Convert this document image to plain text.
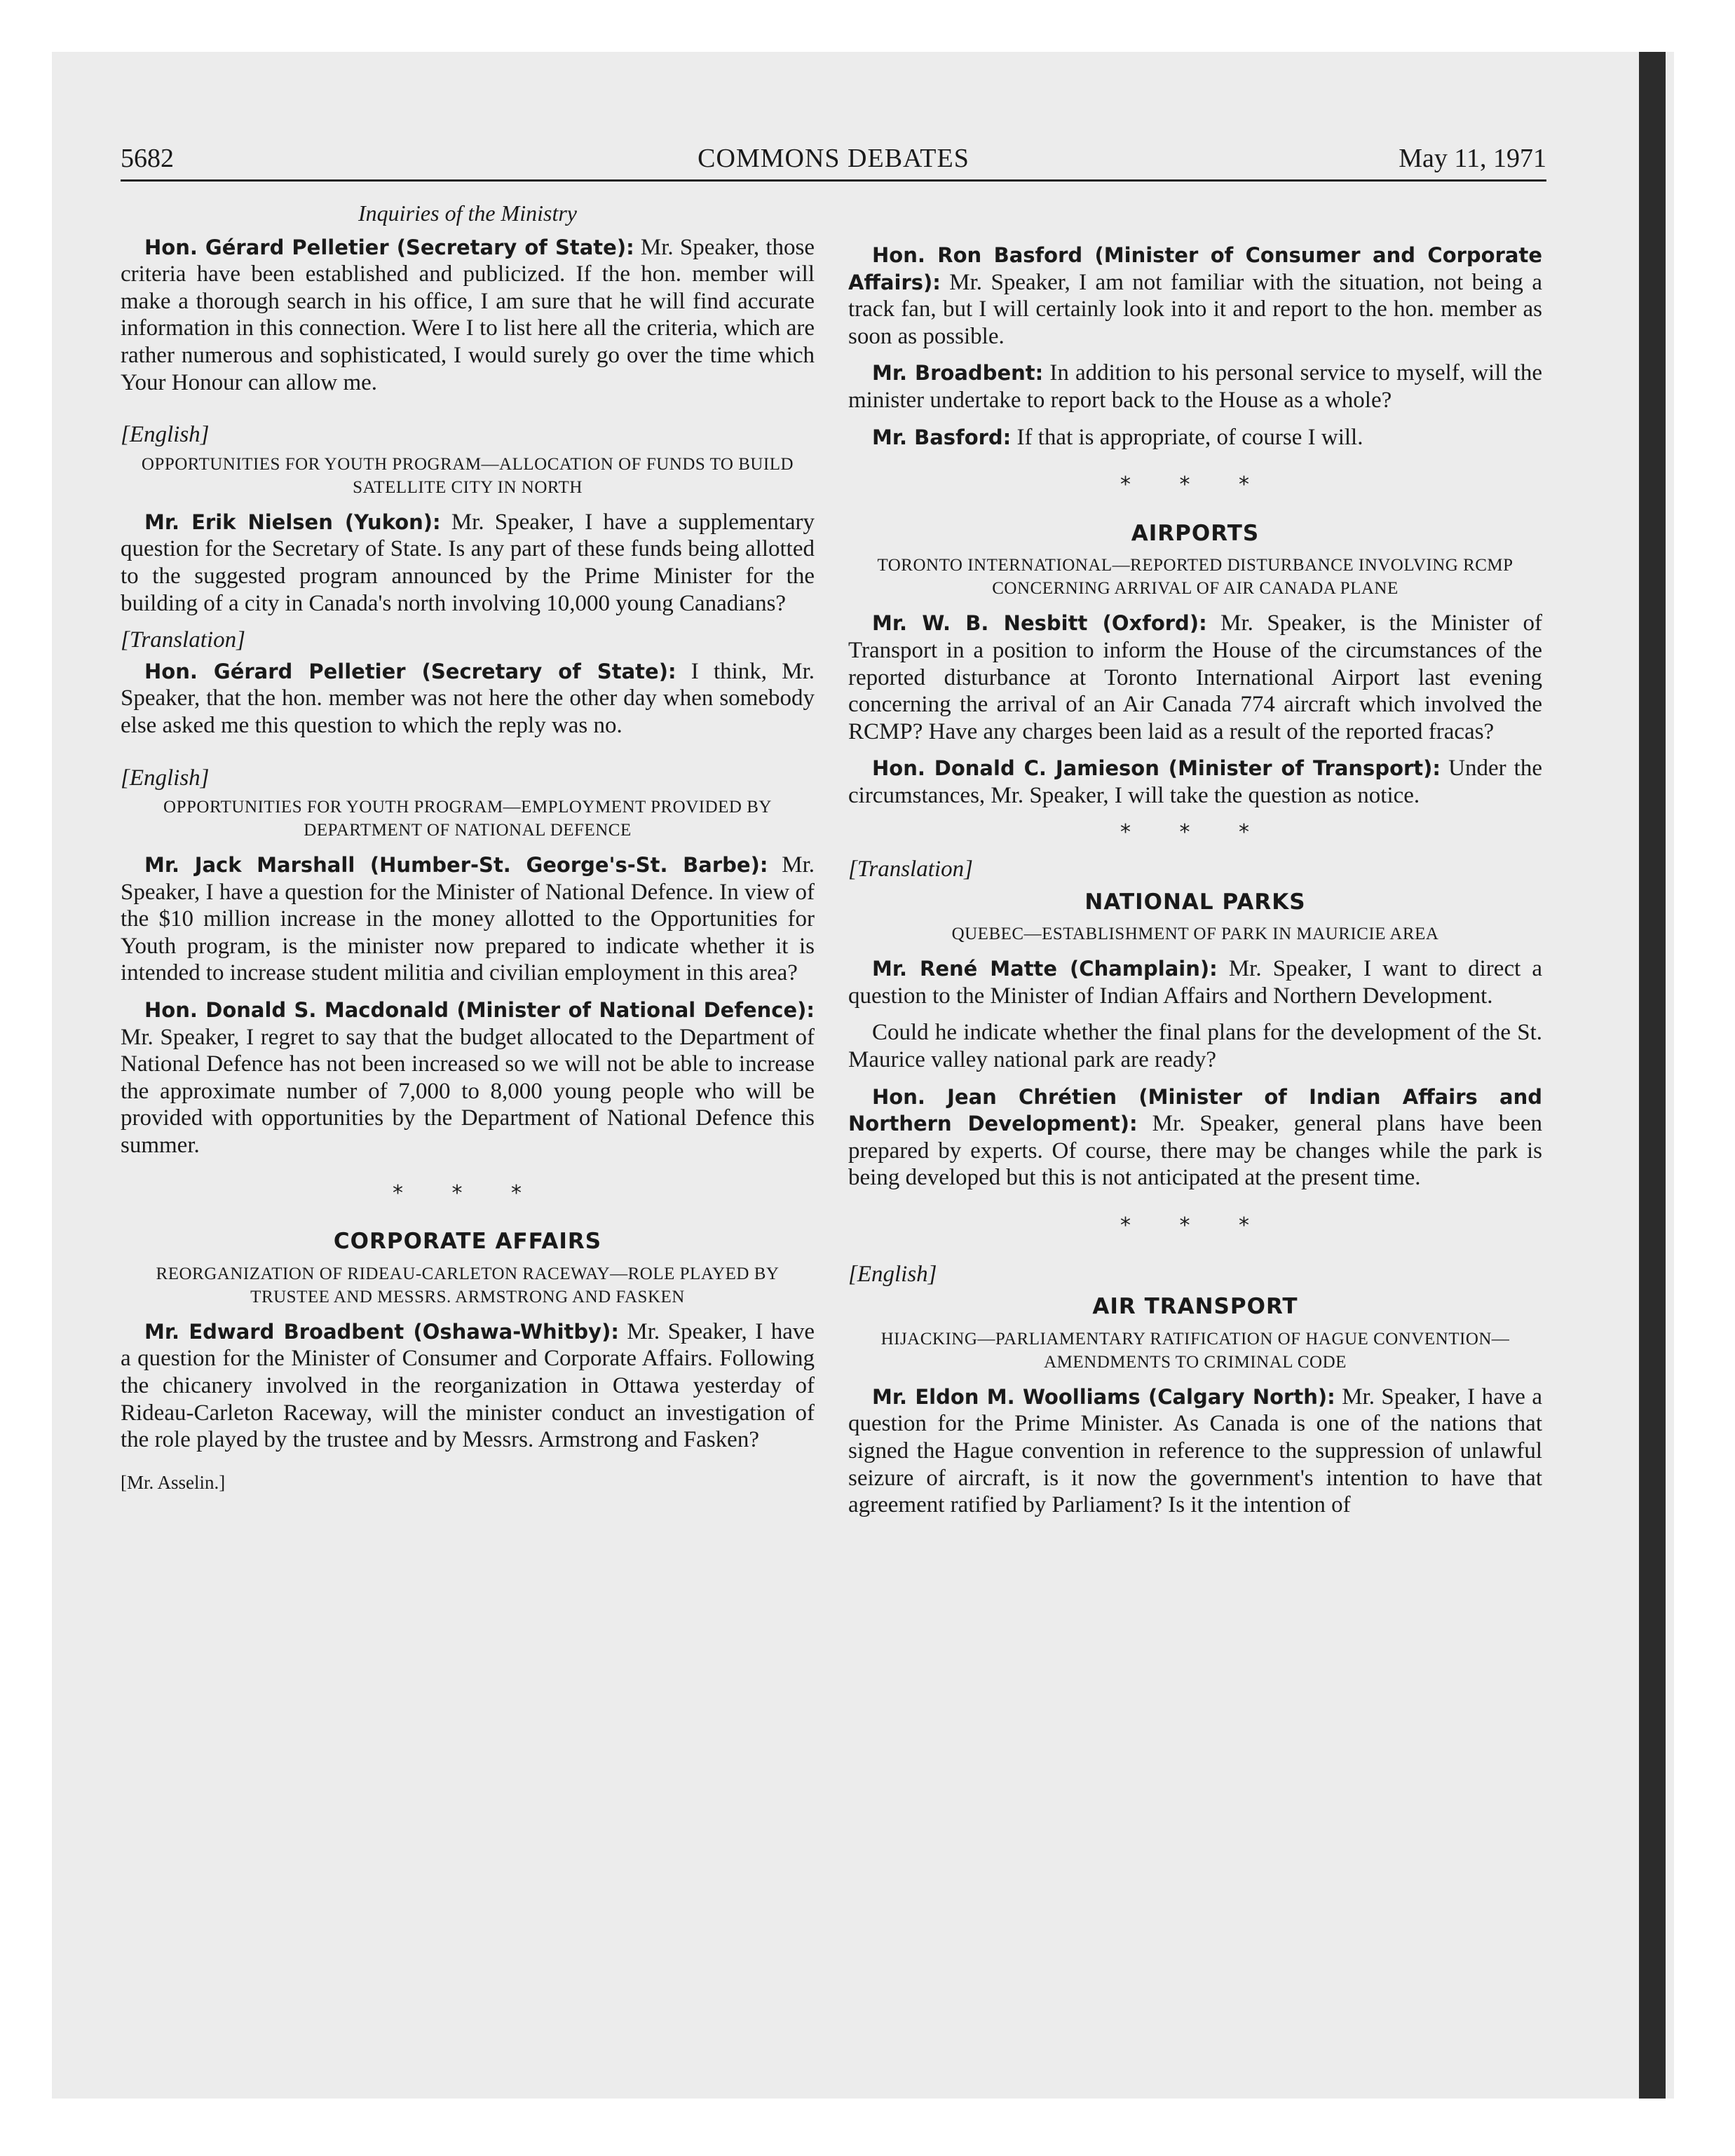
5682	COMMONS DEBATES	May 11, 1971
Inquiries of the Ministry

Hon. Gérard Pelletier (Secretary of State): Mr. Speaker, those criteria have been established and publicized. If the hon. member will make a thorough search in his office, I am sure that he will find accurate information in this connection. Were I to list here all the criteria, which are rather numerous and sophisticated, I would surely go over the time which Your Honour can allow me.

[English]
OPPORTUNITIES FOR YOUTH PROGRAM—ALLOCATION OF FUNDS TO BUILD SATELLITE CITY IN NORTH

Mr. Erik Nielsen (Yukon): Mr. Speaker, I have a supplementary question for the Secretary of State. Is any part of these funds being allotted to the suggested program announced by the Prime Minister for the building of a city in Canada's north involving 10,000 young Canadians?

[Translation]

Hon. Gérard Pelletier (Secretary of State): I think, Mr. Speaker, that the hon. member was not here the other day when somebody else asked me this question to which the reply was no.

[English]
OPPORTUNITIES FOR YOUTH PROGRAM—EMPLOYMENT PROVIDED BY DEPARTMENT OF NATIONAL DEFENCE

Mr. Jack Marshall (Humber-St. George's-St. Barbe): Mr. Speaker, I have a question for the Minister of National Defence. In view of the $10 million increase in the money allotted to the Opportunities for Youth program, is the minister now prepared to indicate whether it is intended to increase student militia and civilian employment in this area?

Hon. Donald S. Macdonald (Minister of National Defence): Mr. Speaker, I regret to say that the budget allocated to the Department of National Defence has not been increased so we will not be able to increase the approximate number of 7,000 to 8,000 young people who will be provided with opportunities by the Department of National Defence this summer.

* * *
CORPORATE AFFAIRS
REORGANIZATION OF RIDEAU-CARLETON RACEWAY—ROLE PLAYED BY TRUSTEE AND MESSRS. ARMSTRONG AND FASKEN

Mr. Edward Broadbent (Oshawa-Whitby): Mr. Speaker, I have a question for the Minister of Consumer and Corporate Affairs. Following the chicanery involved in the reorganization in Ottawa yesterday of Rideau-Carleton Raceway, will the minister conduct an investigation of the role played by the trustee and by Messrs. Armstrong and Fasken?

[Mr. Asselin.]

Hon. Ron Basford (Minister of Consumer and Corporate Affairs): Mr. Speaker, I am not familiar with the situation, not being a track fan, but I will certainly look into it and report to the hon. member as soon as possible.

Mr. Broadbent: In addition to his personal service to myself, will the minister undertake to report back to the House as a whole?

Mr. Basford: If that is appropriate, of course I will.

* * *
AIRPORTS
TORONTO INTERNATIONAL—REPORTED DISTURBANCE INVOLVING RCMP CONCERNING ARRIVAL OF AIR CANADA PLANE

Mr. W. B. Nesbitt (Oxford): Mr. Speaker, is the Minister of Transport in a position to inform the House of the circumstances of the reported disturbance at Toronto International Airport last evening concerning the arrival of an Air Canada 774 aircraft which involved the RCMP? Have any charges been laid as a result of the reported fracas?

Hon. Donald C. Jamieson (Minister of Transport): Under the circumstances, Mr. Speaker, I will take the question as notice.

* * *
[Translation]
NATIONAL PARKS
QUEBEC—ESTABLISHMENT OF PARK IN MAURICIE AREA

Mr. René Matte (Champlain): Mr. Speaker, I want to direct a question to the Minister of Indian Affairs and Northern Development.

Could he indicate whether the final plans for the development of the St. Maurice valley national park are ready?

Hon. Jean Chrétien (Minister of Indian Affairs and Northern Development): Mr. Speaker, general plans have been prepared by experts. Of course, there may be changes while the park is being developed but this is not anticipated at the present time.

* * *
[English]
AIR TRANSPORT
HIJACKING—PARLIAMENTARY RATIFICATION OF HAGUE CONVENTION—AMENDMENTS TO CRIMINAL CODE

Mr. Eldon M. Woolliams (Calgary North): Mr. Speaker, I have a question for the Prime Minister. As Canada is one of the nations that signed the Hague convention in reference to the suppression of unlawful seizure of aircraft, is it now the government's intention to have that agreement ratified by Parliament? Is it the intention of
